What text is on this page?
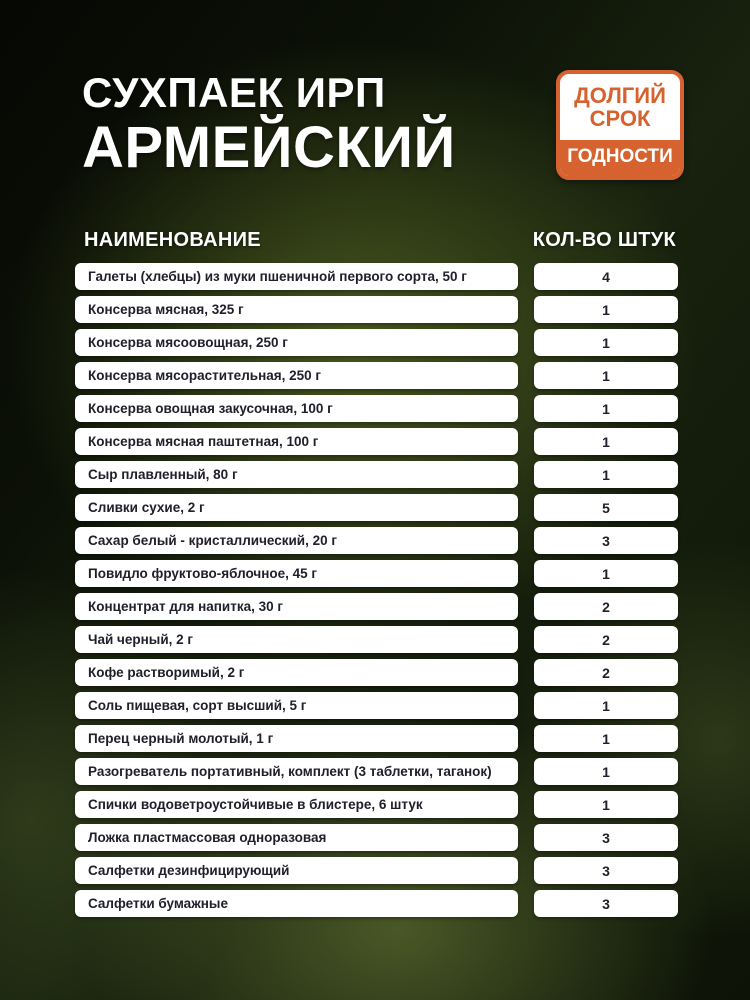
СУХПАЕК ИРП
АРМЕЙСКИЙ
ДОЛГИЙ
СРОК
ГОДНОСТИ
НАИМЕНОВАНИЕ	КОЛ-ВО ШТУК
Галеты (хлебцы) из муки пшеничной первого сорта, 50 г	4
Консерва мясная, 325 г	1
Консерва мясоовощная, 250 г	1
Консерва мясорастительная, 250 г	1
Консерва овощная закусочная, 100 г	1
Консерва мясная паштетная, 100 г	1
Сыр плавленный, 80 г	1
Сливки сухие, 2 г	5
Сахар белый - кристаллический, 20 г	3
Повидло фруктово-яблочное, 45 г	1
Концентрат для напитка, 30 г	2
Чай черный, 2 г	2
Кофе растворимый, 2 г	2
Соль пищевая, сорт высший, 5 г	1
Перец черный молотый, 1 г	1
Разогреватель портативный, комплект (3 таблетки, таганок)	1
Спички водоветроустойчивые в блистере, 6 штук	1
Ложка пластмассовая одноразовая	3
Салфетки дезинфицирующий	3
Салфетки бумажные	3
